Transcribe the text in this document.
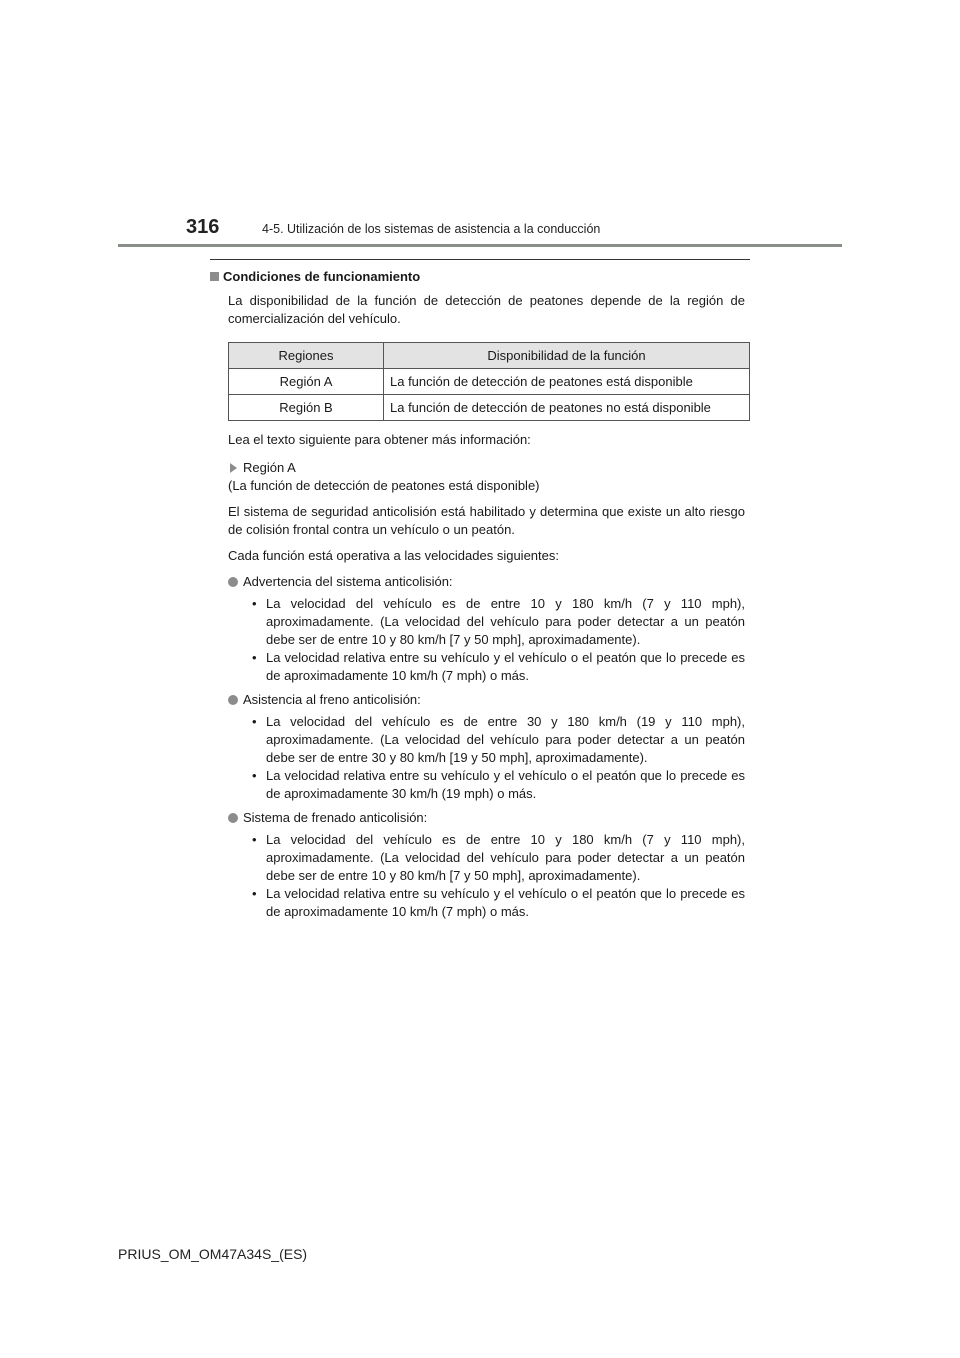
316	4-5. Utilización de los sistemas de asistencia a la conducción

Condiciones de funcionamiento

La disponibilidad de la función de detección de peatones depende de la región de comercialización del vehículo.

Regiones	Disponibilidad de la función
Región A	La función de detección de peatones está disponible
Región B	La función de detección de peatones no está disponible

Lea el texto siguiente para obtener más información:

Región A

(La función de detección de peatones está disponible)

El sistema de seguridad anticolisión está habilitado y determina que existe un alto riesgo de colisión frontal contra un vehículo o un peatón.

Cada función está operativa a las velocidades siguientes:

Advertencia del sistema anticolisión:
• La velocidad del vehículo es de entre 10 y 180 km/h (7 y 110 mph), aproximadamente. (La velocidad del vehículo para poder detectar a un peatón debe ser de entre 10 y 80 km/h [7 y 50 mph], aproximadamente).
• La velocidad relativa entre su vehículo y el vehículo o el peatón que lo precede es de aproximadamente 10 km/h (7 mph) o más.
Asistencia al freno anticolisión:
• La velocidad del vehículo es de entre 30 y 180 km/h (19 y 110 mph), aproximadamente. (La velocidad del vehículo para poder detectar a un peatón debe ser de entre 30 y 80 km/h [19 y 50 mph], aproximadamente).
• La velocidad relativa entre su vehículo y el vehículo o el peatón que lo precede es de aproximadamente 30 km/h (19 mph) o más.
Sistema de frenado anticolisión:
• La velocidad del vehículo es de entre 10 y 180 km/h (7 y 110 mph), aproximadamente. (La velocidad del vehículo para poder detectar a un peatón debe ser de entre 10 y 80 km/h [7 y 50 mph], aproximadamente).
• La velocidad relativa entre su vehículo y el vehículo o el peatón que lo precede es de aproximadamente 10 km/h (7 mph) o más.
PRIUS_OM_OM47A34S_(ES)
